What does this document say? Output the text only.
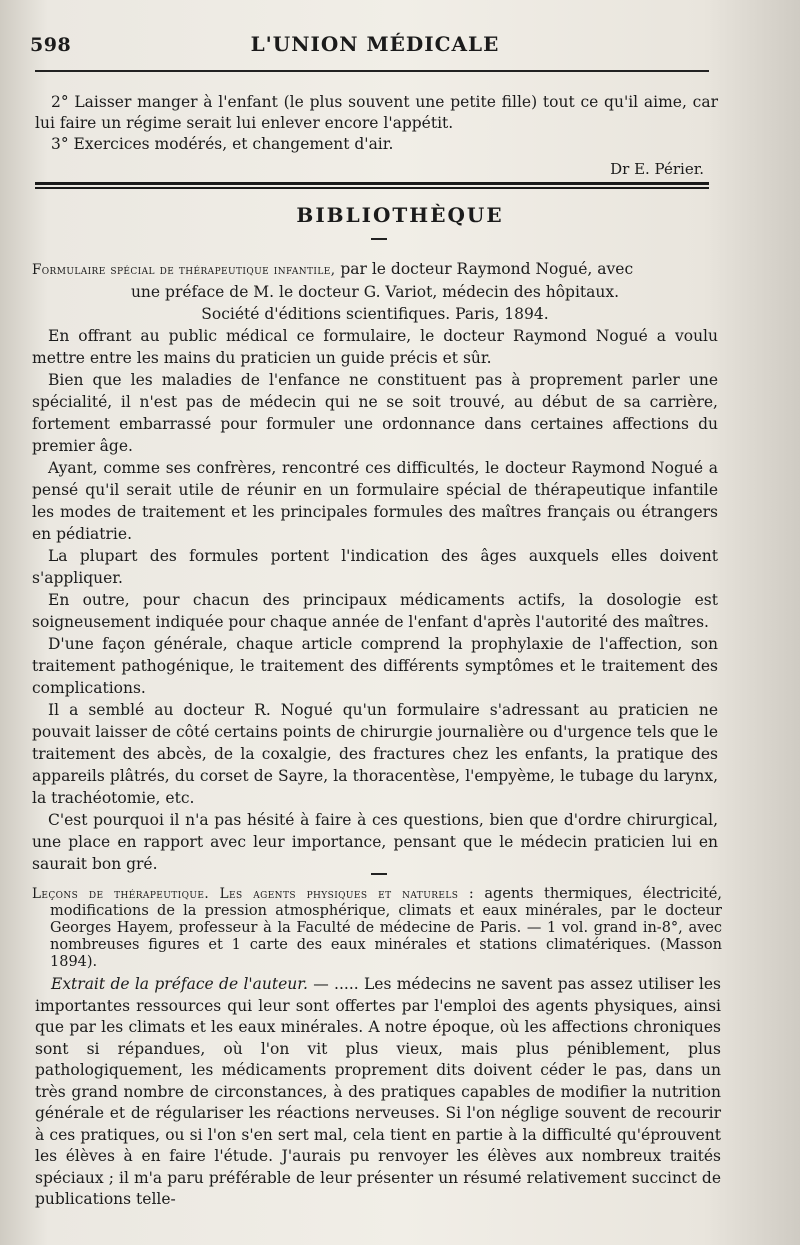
598	L'UNION MÉDICALE

2° Laisser manger à l'enfant (le plus souvent une petite fille) tout ce qu'il aime, car lui faire un régime serait lui enlever encore l'appétit.

3° Exercices modérés, et changement d'air.

Dr E. Périer.
BIBLIOTHÈQUE

Formulaire spécial de thérapeutique infantile, par le docteur Raymond Nogué, avec

une préface de M. le docteur G. Variot, médecin des hôpitaux.

Société d'éditions scientifiques. Paris, 1894.

En offrant au public médical ce formulaire, le docteur Raymond Nogué a voulu mettre entre les mains du praticien un guide précis et sûr.

Bien que les maladies de l'enfance ne constituent pas à proprement parler une spécialité, il n'est pas de médecin qui ne se soit trouvé, au début de sa carrière, fortement embarrassé pour formuler une ordonnance dans certaines affections du premier âge.

Ayant, comme ses confrères, rencontré ces difficultés, le docteur Raymond Nogué a pensé qu'il serait utile de réunir en un formulaire spécial de thérapeutique infantile les modes de traitement et les principales formules des maîtres français ou étrangers en pédiatrie.

La plupart des formules portent l'indication des âges auxquels elles doivent s'appliquer.

En outre, pour chacun des principaux médicaments actifs, la dosologie est soigneusement indiquée pour chaque année de l'enfant d'après l'autorité des maîtres.

D'une façon générale, chaque article comprend la prophylaxie de l'affection, son traitement pathogénique, le traitement des différents symptômes et le traitement des complications.

Il a semblé au docteur R. Nogué qu'un formulaire s'adressant au praticien ne pouvait laisser de côté certains points de chirurgie journalière ou d'urgence tels que le traitement des abcès, de la coxalgie, des fractures chez les enfants, la pratique des appareils plâtrés, du corset de Sayre, la thoracentèse, l'empyème, le tubage du larynx, la trachéotomie, etc.

C'est pourquoi il n'a pas hésité à faire à ces questions, bien que d'ordre chirurgical, une place en rapport avec leur importance, pensant que le médecin praticien lui en saurait bon gré.

Leçons de thérapeutique. Les agents physiques et naturels : agents thermiques, électricité, modifications de la pression atmosphérique, climats et eaux minérales, par le docteur Georges Hayem, professeur à la Faculté de médecine de Paris. — 1 vol. grand in-8°, avec nombreuses figures et 1 carte des eaux minérales et stations climatériques. (Masson 1894).

Extrait de la préface de l'auteur. — ..... Les médecins ne savent pas assez utiliser les importantes ressources qui leur sont offertes par l'emploi des agents physiques, ainsi que par les climats et les eaux minérales. A notre époque, où les affections chroniques sont si répandues, où l'on vit plus vieux, mais plus péniblement, plus pathologiquement, les médicaments proprement dits doivent céder le pas, dans un très grand nombre de circonstances, à des pratiques capables de modifier la nutrition générale et de régulariser les réactions nerveuses. Si l'on néglige souvent de recourir à ces pratiques, ou si l'on s'en sert mal, cela tient en partie à la difficulté qu'éprouvent les élèves à en faire l'étude. J'aurais pu renvoyer les élèves aux nombreux traités spéciaux ; il m'a paru préférable de leur présenter un résumé relativement succinct de publications telle-
